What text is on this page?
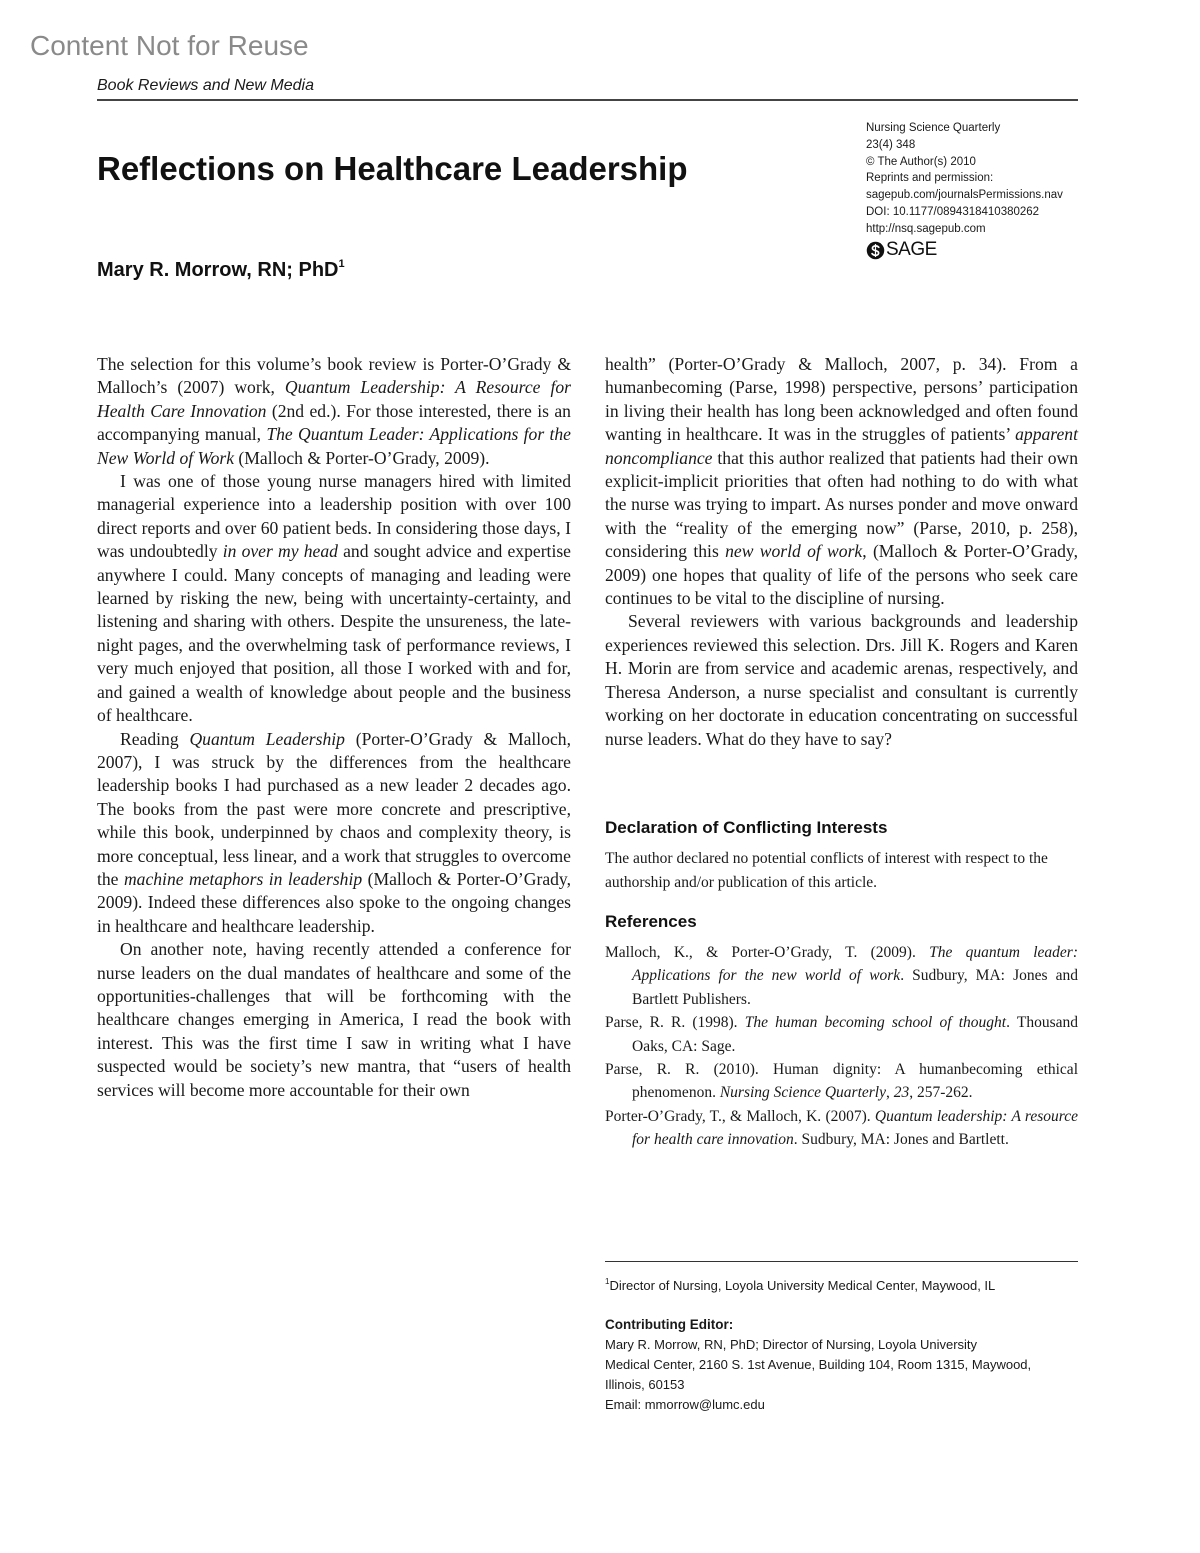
Content Not for Reuse
Book Reviews and New Media
Reflections on Healthcare Leadership
Mary R. Morrow, RN; PhD$^1$
Nursing Science Quarterly
23(4) 348
© The Author(s) 2010
Reprints and permission:
sagepub.com/journalsPermissions.nav
DOI: 10.1177/0894318410380262
http://nsq.sagepub.com
SAGE

The selection for this volume’s book review is Porter-O’Grady & Malloch’s (2007) work, Quantum Leadership: A Resource for Health Care Innovation (2nd ed.). For those interested, there is an accompanying manual, The Quantum Leader: Applications for the New World of Work (Malloch & Porter-O’Grady, 2009).

I was one of those young nurse managers hired with limited managerial experience into a leadership position with over 100 direct reports and over 60 patient beds. In considering those days, I was undoubtedly in over my head and sought advice and expertise anywhere I could. Many concepts of managing and leading were learned by risking the new, being with uncertainty-certainty, and listening and sharing with others. Despite the unsureness, the late-night pages, and the overwhelming task of performance reviews, I very much enjoyed that position, all those I worked with and for, and gained a wealth of knowledge about people and the business of healthcare.

Reading Quantum Leadership (Porter-O’Grady & Malloch, 2007), I was struck by the differences from the healthcare leadership books I had purchased as a new leader 2 decades ago. The books from the past were more concrete and prescriptive, while this book, underpinned by chaos and complexity theory, is more conceptual, less linear, and a work that struggles to overcome the machine metaphors in leadership (Malloch & Porter-O’Grady, 2009). Indeed these differences also spoke to the ongoing changes in healthcare and healthcare leadership.

On another note, having recently attended a conference for nurse leaders on the dual mandates of healthcare and some of the opportunities-challenges that will be forthcoming with the healthcare changes emerging in America, I read the book with interest. This was the first time I saw in writing what I have suspected would be society’s new mantra, that “users of health services will become more accountable for their own

health” (Porter-O’Grady & Malloch, 2007, p. 34). From a humanbecoming (Parse, 1998) perspective, persons’ participation in living their health has long been acknowledged and often found wanting in healthcare. It was in the struggles of patients’ apparent noncompliance that this author realized that patients had their own explicit-implicit priorities that often had nothing to do with what the nurse was trying to impart. As nurses ponder and move onward with the “reality of the emerging now” (Parse, 2010, p. 258), considering this new world of work, (Malloch & Porter-O’Grady, 2009) one hopes that quality of life of the persons who seek care continues to be vital to the discipline of nursing.

Several reviewers with various backgrounds and leadership experiences reviewed this selection. Drs. Jill K. Rogers and Karen H. Morin are from service and academic arenas, respectively, and Theresa Anderson, a nurse specialist and consultant is currently working on her doctorate in education concentrating on successful nurse leaders. What do they have to say?

Declaration of Conflicting Interests

The author declared no potential conflicts of interest with respect to the authorship and/or publication of this article.

References

Malloch, K., & Porter-O’Grady, T. (2009). The quantum leader: Applications for the new world of work. Sudbury, MA: Jones and Bartlett Publishers.

Parse, R. R. (1998). The human becoming school of thought. Thousand Oaks, CA: Sage.

Parse, R. R. (2010). Human dignity: A humanbecoming ethical phenomenon. Nursing Science Quarterly, 23, 257-262.

Porter-O’Grady, T., & Malloch, K. (2007). Quantum leadership: A resource for health care innovation. Sudbury, MA: Jones and Bartlett.

$^1$Director of Nursing, Loyola University Medical Center, Maywood, IL
Contributing Editor:
Mary R. Morrow, RN, PhD; Director of Nursing, Loyola University
Medical Center, 2160 S. 1st Avenue, Building 104, Room 1315, Maywood,
Illinois, 60153
Email: mmorrow@lumc.edu
